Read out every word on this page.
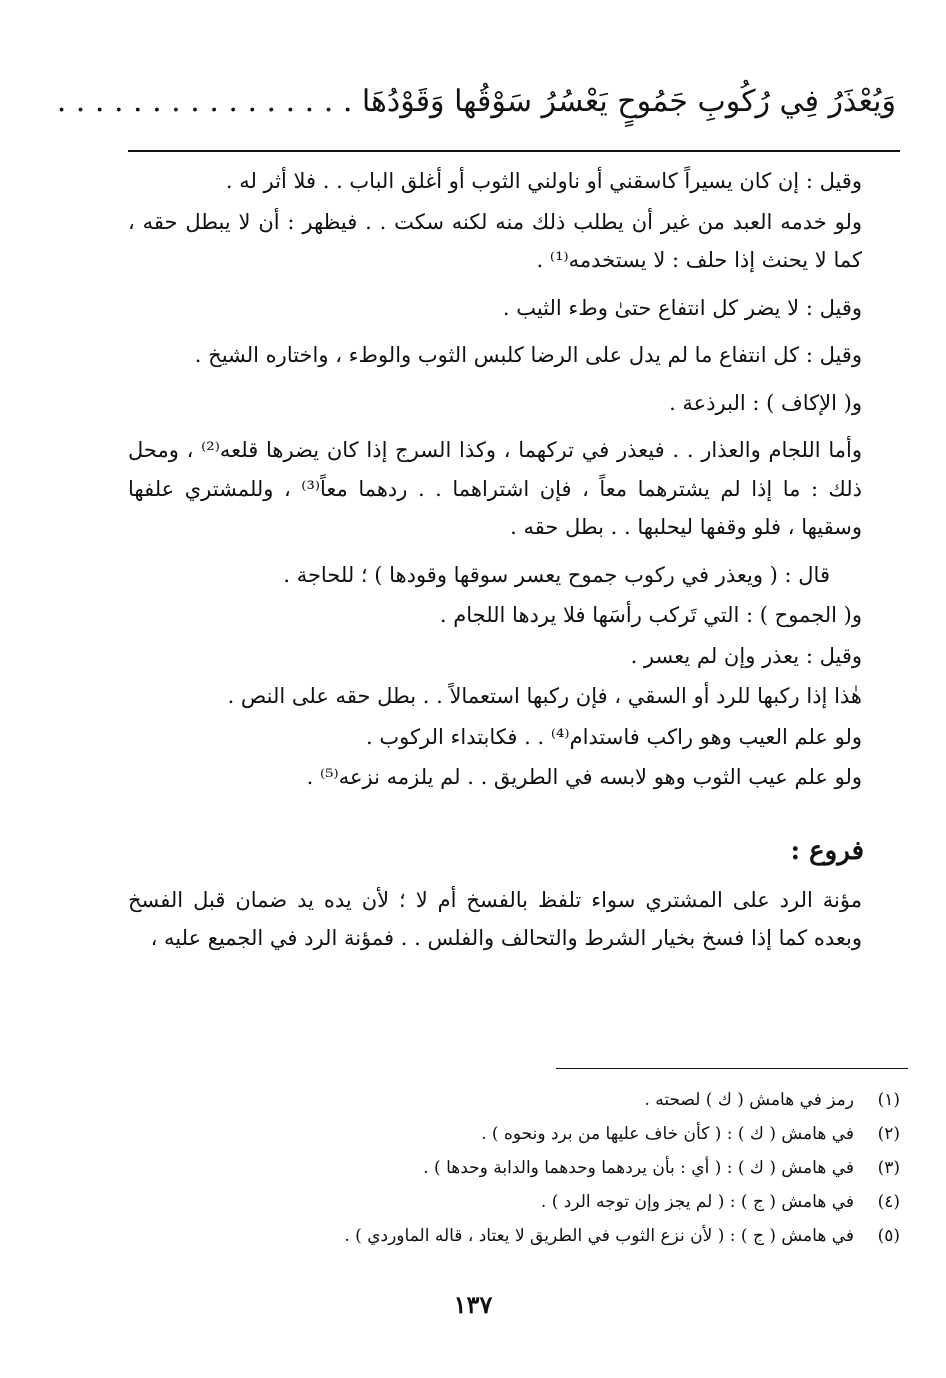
وَيُعْذَرُ فِي رُكُوبِ جَمُوحٍ يَعْسُرُ سَوْقُها وَقَوْدُهَا . . . . . . . . . . . . . . . .

وقيل : إن كان يسيراً كاسقني أو ناولني الثوب أو أغلق الباب . . فلا أثر له .

ولو خدمه العبد من غير أن يطلب ذلك منه لكنه سكت . . فيظهر : أن لا يبطل حقه ، كما لا يحنث إذا حلف : لا يستخدمه⁽¹⁾ .

وقيل : لا يضر كل انتفاع حتىٰ وطء الثيب .

وقيل : كل انتفاع ما لم يدل على الرضا كلبس الثوب والوطء ، واختاره الشيخ .

و( الإكاف ) : البرذعة .

وأما اللجام والعذار . . فيعذر في تركهما ، وكذا السرج إذا كان يضرها قلعه⁽²⁾ ، ومحل ذلك : ما إذا لم يشترهما معاً ، فإن اشتراهما . . ردهما معاً⁽³⁾ ، وللمشتري علفها وسقيها ، فلو وقفها ليحلبها . . بطل حقه .

قال : ( ويعذر في ركوب جموح يعسر سوقها وقودها ) ؛ للحاجة .

و( الجموح ) : التي تَركب رأسَها فلا يردها اللجام .

وقيل : يعذر وإن لم يعسر .

هٰذا إذا ركبها للرد أو السقي ، فإن ركبها استعمالاً . . بطل حقه على النص .

ولو علم العيب وهو راكب فاستدام⁽⁴⁾ . . فكابتداء الركوب .

ولو علم عيب الثوب وهو لابسه في الطريق . . لم يلزمه نزعه⁽⁵⁾ .

فروع :

مؤنة الرد على المشتري سواء تلفظ بالفسخ أم لا ؛ لأن يده يد ضمان قبل الفسخ وبعده كما إذا فسخ بخيار الشرط والتحالف والفلس . . فمؤنة الرد في الجميع عليه ،

(١)
رمز في هامش ( ك ) لصحته .
(٢)
في هامش ( ك ) : ( كأن خاف عليها من برد ونحوه ) .
(٣)
في هامش ( ك ) : ( أي : بأن يردهما وحدهما والدابة وحدها ) .
(٤)
في هامش ( ج ) : ( لم يجز وإن توجه الرد ) .
(٥)
في هامش ( ج ) : ( لأن نزع الثوب في الطريق لا يعتاد ، قاله الماوردي ) .
١٣٧
